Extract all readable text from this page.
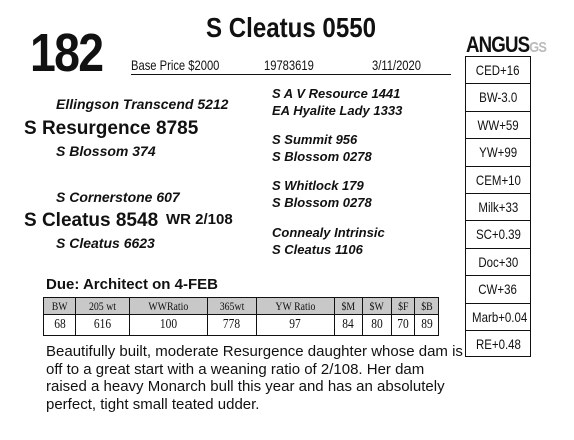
182	S Cleatus 0550
Base Price $2000	19783619	3/11/2020
ANGUSGS
Ellingson Transcend 5212
S Resurgence 8785
S Blossom 374
S Cornerstone 607
S Cleatus 8548 WR 2/108
S Cleatus 6623
S A V Resource 1441
EA Hyalite Lady 1333
S Summit 956
S Blossom 0278
S Whitlock 179
S Blossom 0278
Connealy Intrinsic
S Cleatus 1106
CED+16
BW-3.0
WW+59
YW+99
CEM+10
Milk+33
SC+0.39
Doc+30
CW+36
Marb+0.04
RE+0.48
Due: Architect on 4-FEB
BW	205 wt	WWRatio	365wt	YW Ratio	$M	$W	$F	$B
68	616	100	778	97	84	80	70	89
Beautifully built, moderate Resurgence daughter whose dam is off to a great start with a weaning ratio of 2/108. Her dam raised a heavy Monarch bull this year and has an absolutely perfect, tight small teated udder.
